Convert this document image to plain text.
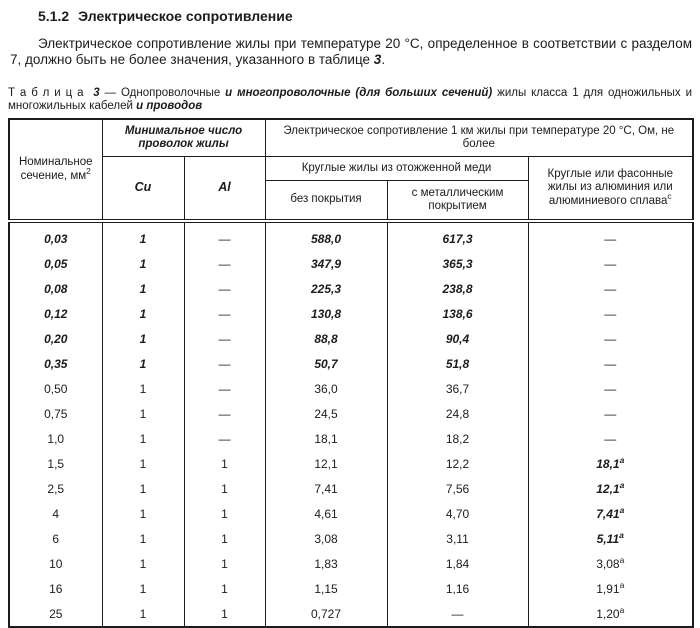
5.1.2 Электрическое сопротивление

Электрическое сопротивление жилы при температуре 20 °С, определенное в соответствии с разделом 7, должно быть не более значения, указанного в таблице 3.

Т а б л и ц а 3 — Однопроволочные и многопроволочные (для больших сечений) жилы класса 1 для одножильных и многожильных кабелей и проводов

Номинальное сечение, $мм^2$	Минимальное число проволок жилы		Электрическое сопротивление 1 км жилы при температуре 20 °С, Ом, не более		
	Cu	Al	Круглые жилы из отожженной меди		Круглые или фасонные жилы из алюминия или алюминиевого сплава$^c$
			без покрытия	с металлическим покрытием	
0,03	1	—	588,0	617,3	—
0,05	1	—	347,9	365,3	—
0,08	1	—	225,3	238,8	—
0,12	1	—	130,8	138,6	—
0,20	1	—	88,8	90,4	—
0,35	1	—	50,7	51,8	—
0,50	1	—	36,0	36,7	—
0,75	1	—	24,5	24,8	—
1,0	1	—	18,1	18,2	—
1,5	1	1	12,1	12,2	18,1$^a$
2,5	1	1	7,41	7,56	12,1$^a$
4	1	1	4,61	4,70	7,41$^a$
6	1	1	3,08	3,11	5,11$^a$
10	1	1	1,83	1,84	3,08$^a$
16	1	1	1,15	1,16	1,91$^a$
25	1	1	0,727	—	1,20$^a$
